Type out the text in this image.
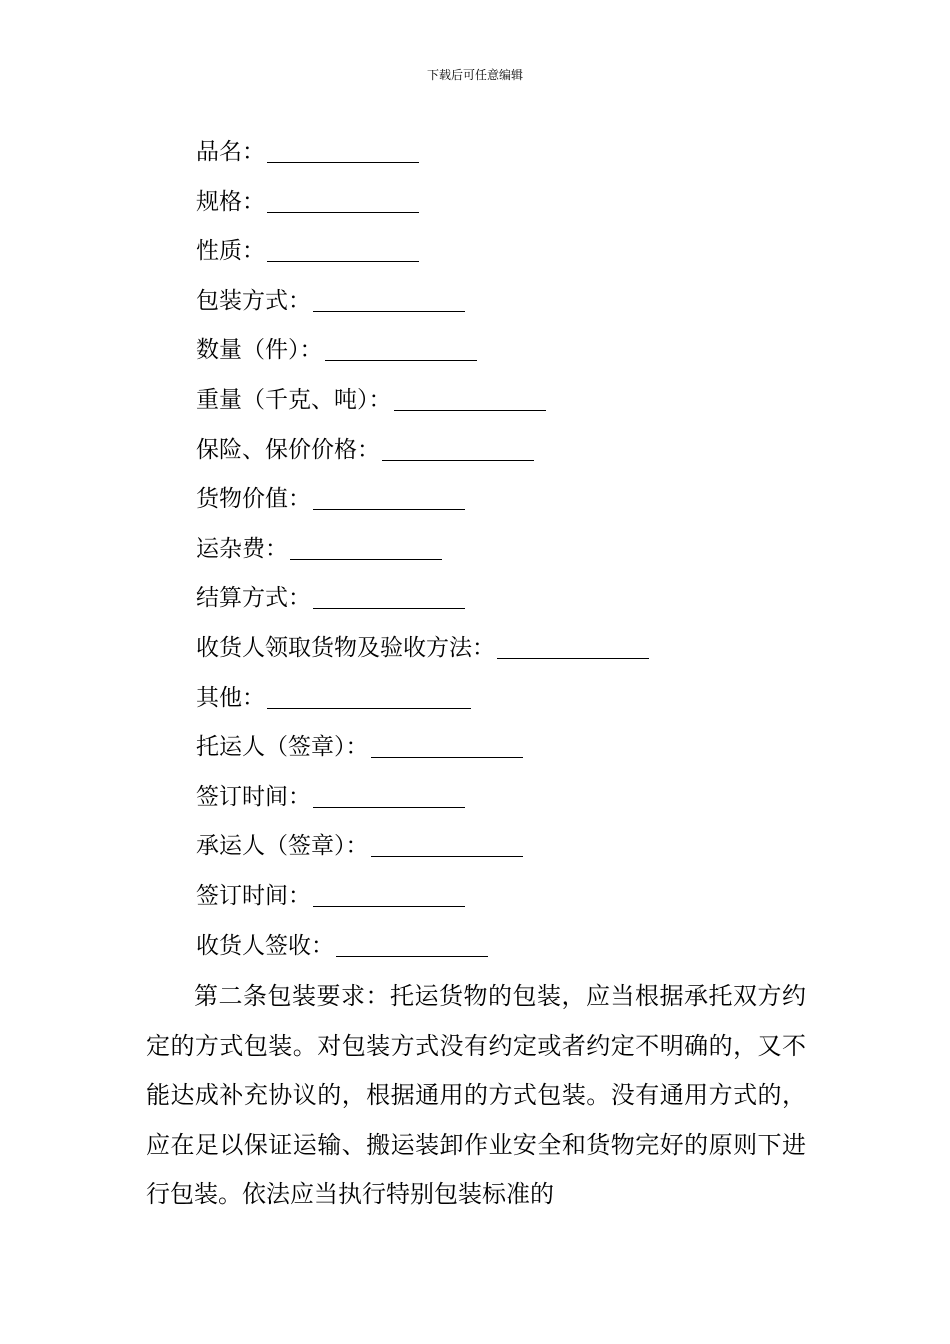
下载后可任意编辑
品名：
规格：
性质：
包装方式：
数量（件）：
重量（千克、吨）：
保险、保价价格：
货物价值：
运杂费：
结算方式：
收货人领取货物及验收方法：
其他：
托运人（签章）：
签订时间：
承运人（签章）：
签订时间：
收货人签收：

第二条包装要求：托运货物的包装，应当根据承托双方约定的方式包装。对包装方式没有约定或者约定不明确的，又不能达成补充协议的，根据通用的方式包装。没有通用方式的，应在足以保证运输、搬运装卸作业安全和货物完好的原则下进行包装。依法应当执行特别包装标准的
